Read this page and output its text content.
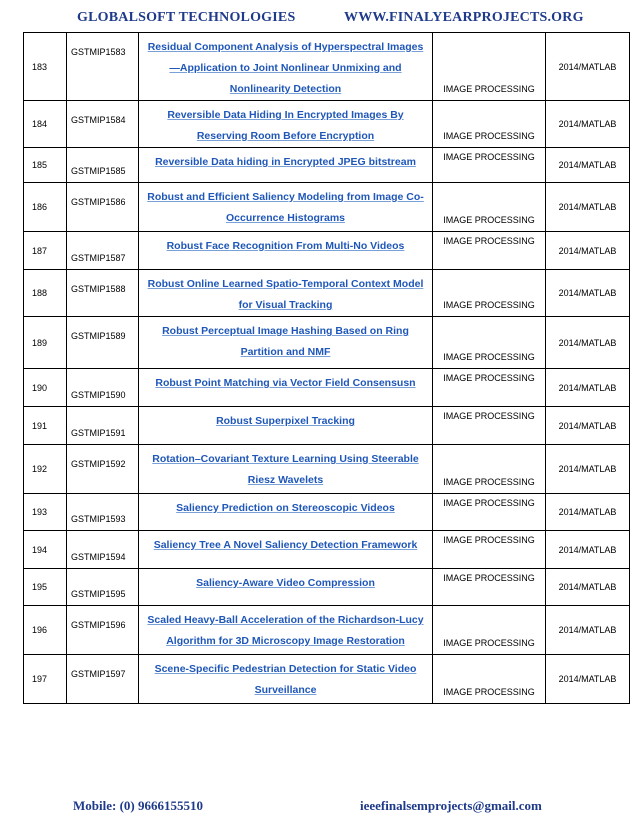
GLOBALSOFT TECHNOLOGIES	WWW.FINALYEARPROJECTS.ORG
183	GSTMIP1583	Residual Component Analysis of Hyperspectral Images—Application to Joint Nonlinear Unmixing and Nonlinearity Detection	IMAGE PROCESSING	2014/MATLAB
184	GSTMIP1584	Reversible Data Hiding In Encrypted Images By Reserving Room Before Encryption	IMAGE PROCESSING	2014/MATLAB
185	GSTMIP1585	Reversible Data hiding in Encrypted JPEG bitstream	IMAGE PROCESSING	2014/MATLAB
186	GSTMIP1586	Robust and Efficient Saliency Modeling from Image Co-Occurrence Histograms	IMAGE PROCESSING	2014/MATLAB
187	GSTMIP1587	Robust Face Recognition From Multi-No Videos	IMAGE PROCESSING	2014/MATLAB
188	GSTMIP1588	Robust Online Learned Spatio-Temporal Context Model for Visual Tracking	IMAGE PROCESSING	2014/MATLAB
189	GSTMIP1589	Robust Perceptual Image Hashing Based on Ring Partition and NMF	IMAGE PROCESSING	2014/MATLAB
190	GSTMIP1590	Robust Point Matching via Vector Field Consensusn	IMAGE PROCESSING	2014/MATLAB
191	GSTMIP1591	Robust Superpixel Tracking	IMAGE PROCESSING	2014/MATLAB
192	GSTMIP1592	Rotation–Covariant Texture Learning Using Steerable Riesz Wavelets	IMAGE PROCESSING	2014/MATLAB
193	GSTMIP1593	Saliency Prediction on Stereoscopic Videos	IMAGE PROCESSING	2014/MATLAB
194	GSTMIP1594	Saliency Tree A Novel Saliency Detection Framework	IMAGE PROCESSING	2014/MATLAB
195	GSTMIP1595	Saliency-Aware Video Compression	IMAGE PROCESSING	2014/MATLAB
196	GSTMIP1596	Scaled Heavy-Ball Acceleration of the Richardson-Lucy Algorithm for 3D Microscopy Image Restoration	IMAGE PROCESSING	2014/MATLAB
197	GSTMIP1597	Scene-Specific Pedestrian Detection for Static Video Surveillance	IMAGE PROCESSING	2014/MATLAB
Mobile: (0) 9666155510	ieeefinalsemprojects@gmail.com
